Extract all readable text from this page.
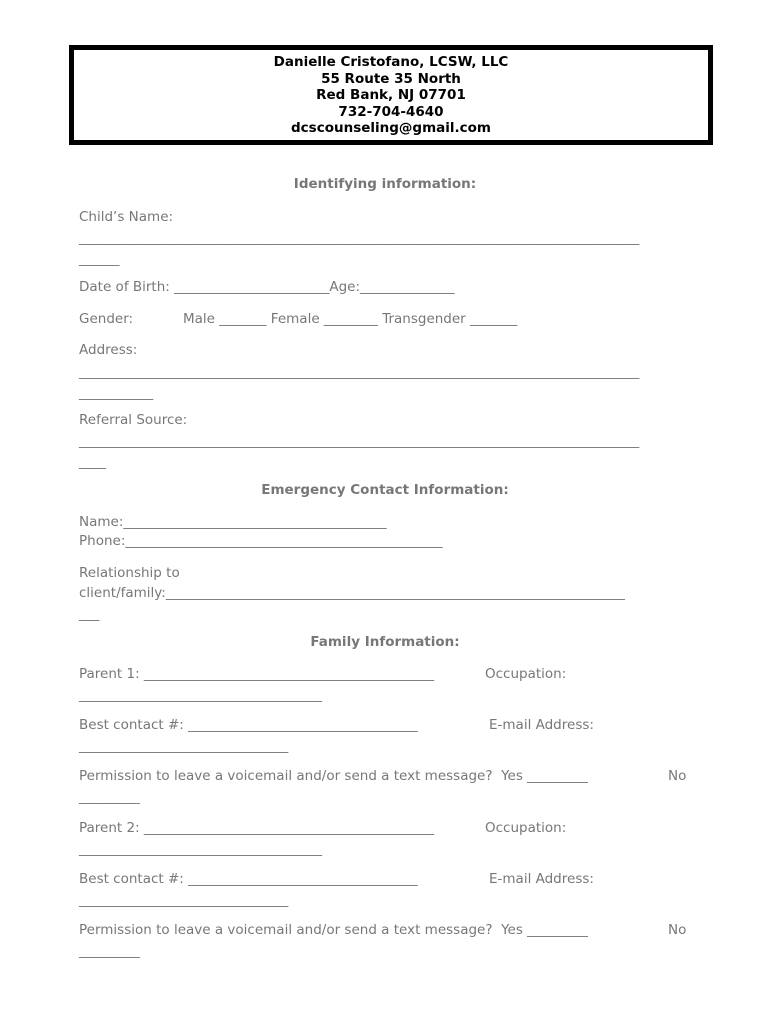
Danielle Cristofano, LCSW, LLC
55 Route 35 North
Red Bank, NJ 07701
732-704-4640
dcscounseling@gmail.com
Identifying information:
Child’s Name:
___________________________________________________________________________________
______
Date of Birth: _______________________Age:______________
Gender:	Male _______ Female ________ Transgender _______
Address:
___________________________________________________________________________________
___________
Referral Source:
___________________________________________________________________________________
____
Emergency Contact Information:
Name:_______________________________________
Phone:_______________________________________________
Relationship to
client/family:____________________________________________________________________
___
Family Information:
Parent 1: ___________________________________________	Occupation:
____________________________________
Best contact #: __________________________________	E-mail Address:
_______________________________
Permission to leave a voicemail and/or send a text message?  Yes _________	No
_________
Parent 2: ___________________________________________	Occupation:
____________________________________
Best contact #: __________________________________	E-mail Address:
_______________________________
Permission to leave a voicemail and/or send a text message?  Yes _________	No
_________
